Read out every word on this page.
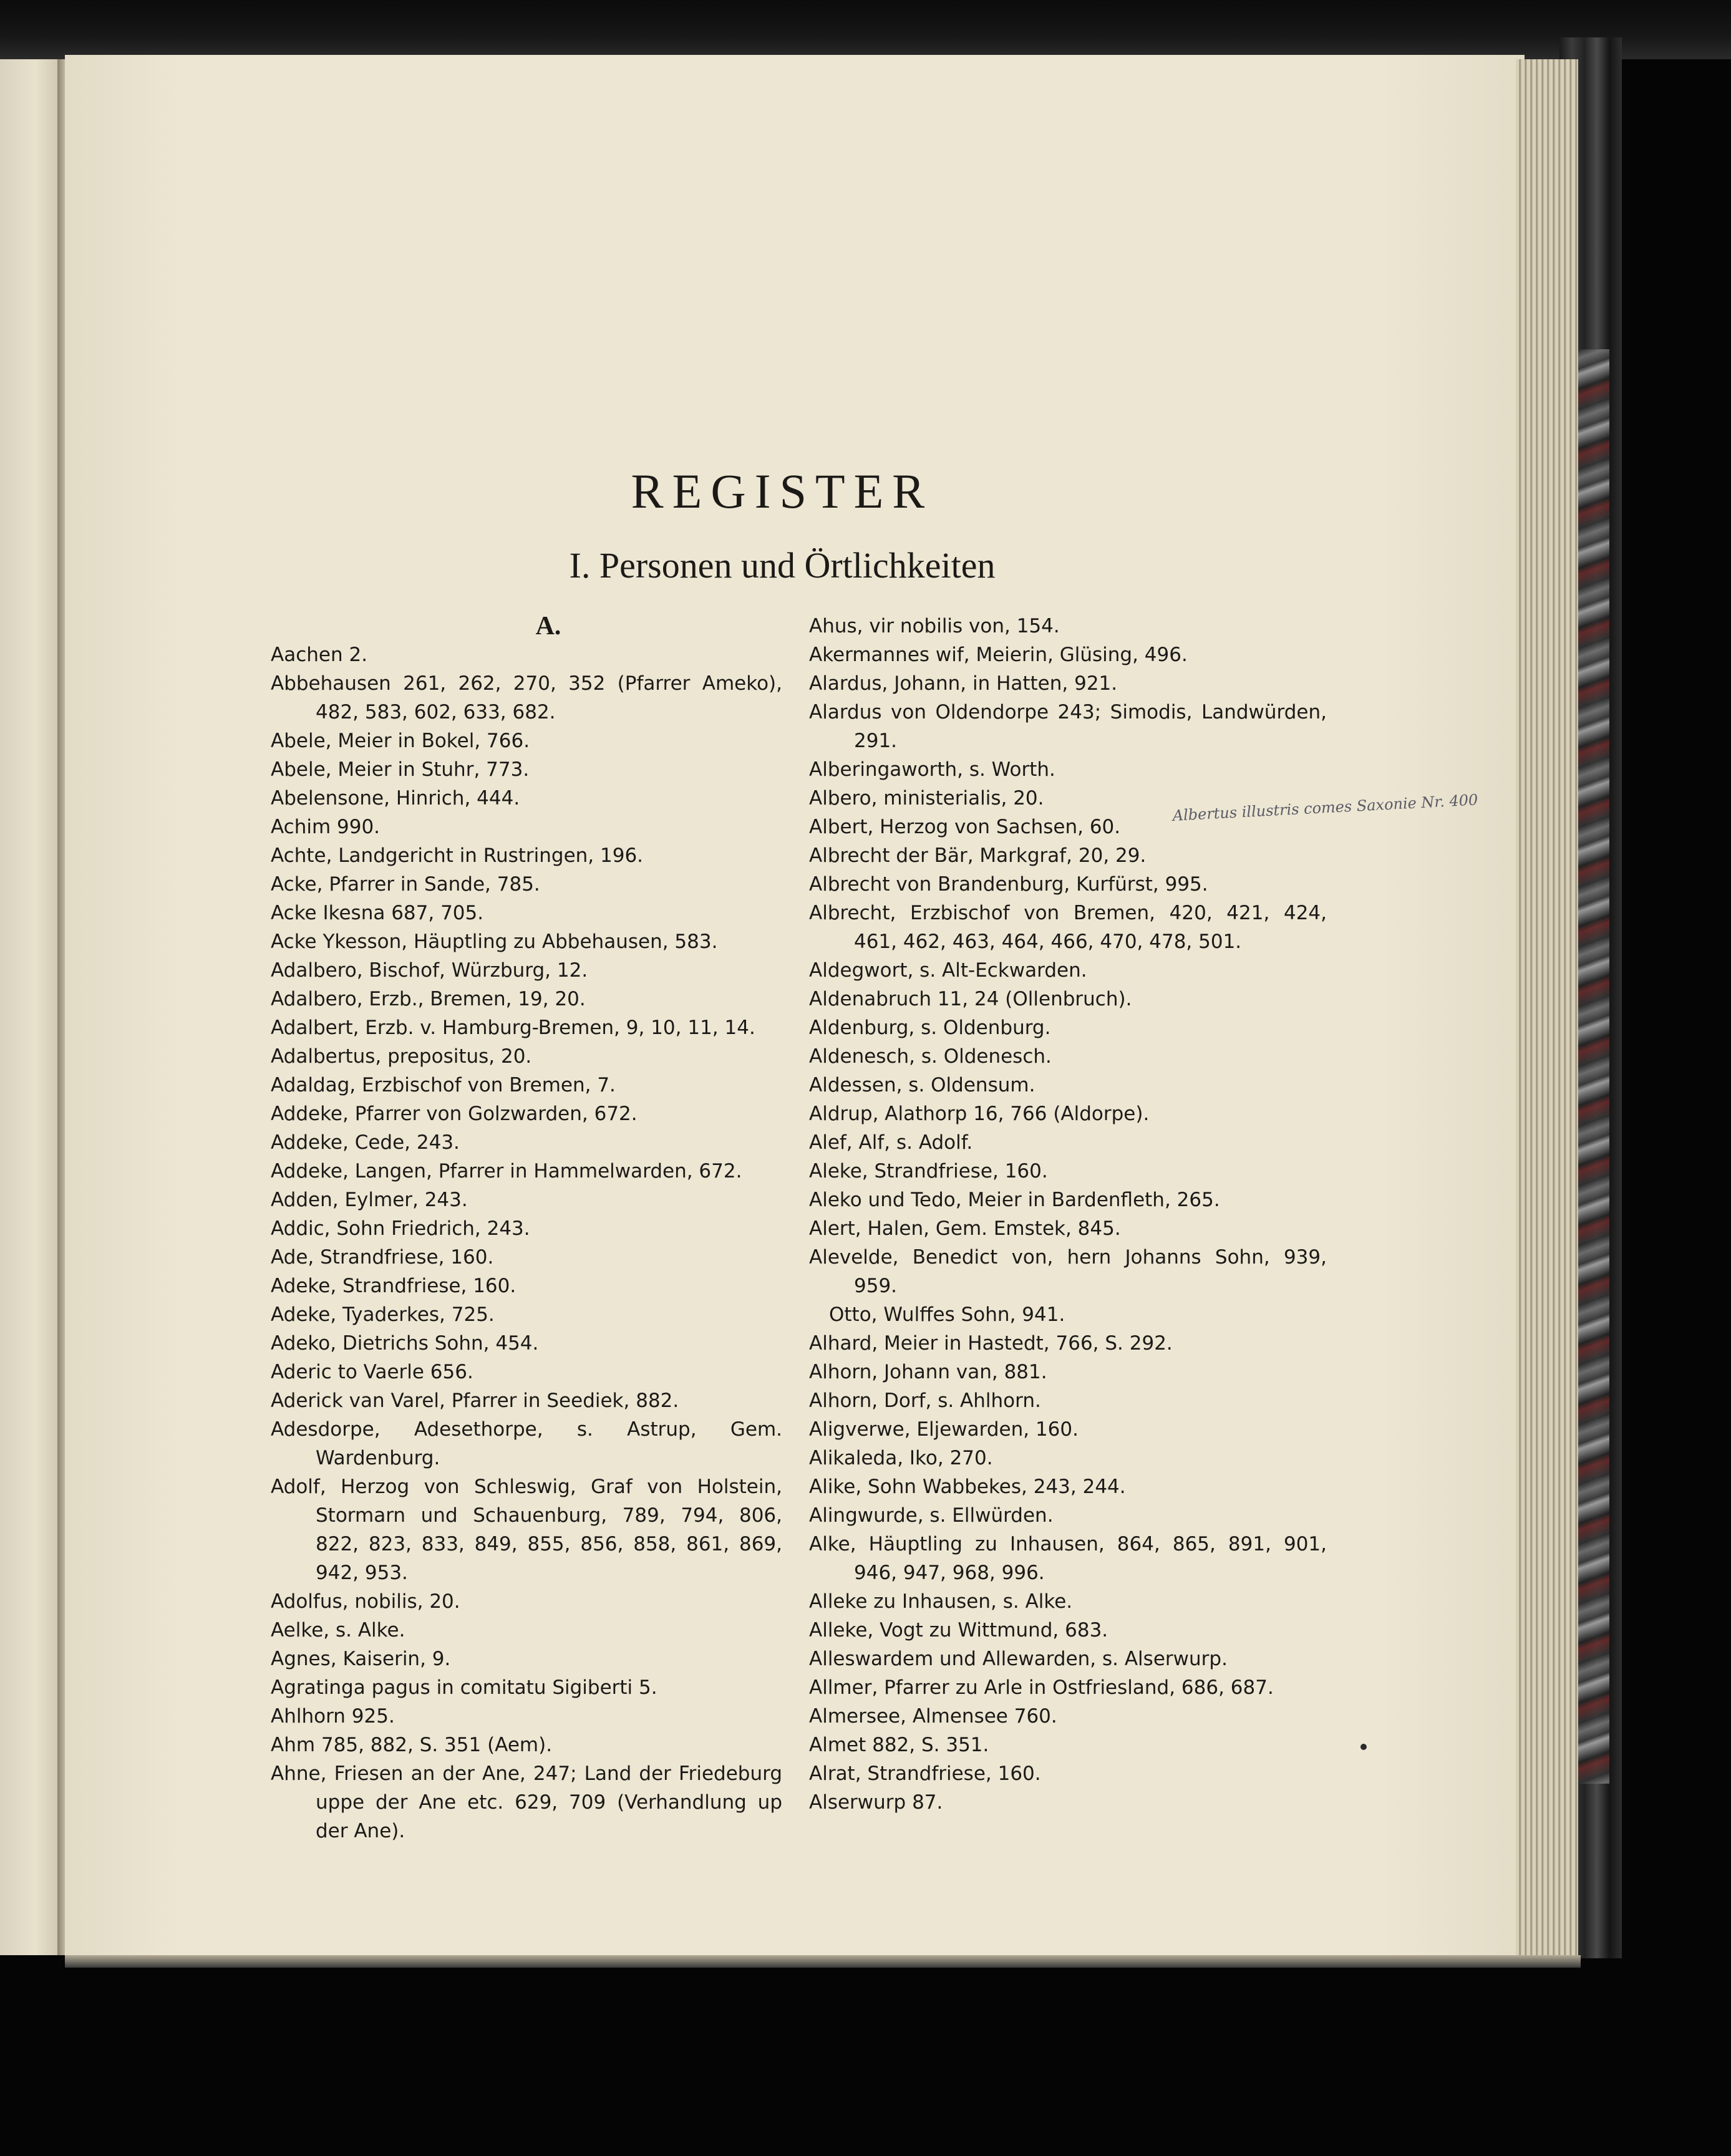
REGISTER
I. Personen und Örtlichkeiten
A.
Aachen 2.
Abbehausen 261, 262, 270, 352 (Pfarrer Ameko), 482, 583, 602, 633, 682.
Abele, Meier in Bokel, 766.
Abele, Meier in Stuhr, 773.
Abelensone, Hinrich, 444.
Achim 990.
Achte, Landgericht in Rustringen, 196.
Acke, Pfarrer in Sande, 785.
Acke Ikesna 687, 705.
Acke Ykesson, Häuptling zu Abbehausen, 583.
Adalbero, Bischof, Würzburg, 12.
Adalbero, Erzb., Bremen, 19, 20.
Adalbert, Erzb. v. Hamburg-Bremen, 9, 10, 11, 14.
Adalbertus, prepositus, 20.
Adaldag, Erzbischof von Bremen, 7.
Addeke, Pfarrer von Golzwarden, 672.
Addeke, Cede, 243.
Addeke, Langen, Pfarrer in Hammelwarden, 672.
Adden, Eylmer, 243.
Addic, Sohn Friedrich, 243.
Ade, Strandfriese, 160.
Adeke, Strandfriese, 160.
Adeke, Tyaderkes, 725.
Adeko, Dietrichs Sohn, 454.
Aderic to Vaerle 656.
Aderick van Varel, Pfarrer in Seediek, 882.
Adesdorpe, Adesethorpe, s. Astrup, Gem. Wardenburg.
Adolf, Herzog von Schleswig, Graf von Holstein, Stormarn und Schauenburg, 789, 794, 806, 822, 823, 833, 849, 855, 856, 858, 861, 869, 942, 953.
Adolfus, nobilis, 20.
Aelke, s. Alke.
Agnes, Kaiserin, 9.
Agratinga pagus in comitatu Sigiberti 5.
Ahlhorn 925.
Ahm 785, 882, S. 351 (Aem).
Ahne, Friesen an der Ane, 247; Land der Friedeburg uppe der Ane etc. 629, 709 (Verhandlung up der Ane).
Ahus, vir nobilis von, 154.
Akermannes wif, Meierin, Glüsing, 496.
Alardus, Johann, in Hatten, 921.
Alardus von Oldendorpe 243; Simodis, Landwürden, 291.
Alberingaworth, s. Worth.
Albero, ministerialis, 20.
Albert, Herzog von Sachsen, 60.
Albrecht der Bär, Markgraf, 20, 29.
Albrecht von Brandenburg, Kurfürst, 995.
Albrecht, Erzbischof von Bremen, 420, 421, 424, 461, 462, 463, 464, 466, 470, 478, 501.
Aldegwort, s. Alt-Eckwarden.
Aldenabruch 11, 24 (Ollenbruch).
Aldenburg, s. Oldenburg.
Aldenesch, s. Oldenesch.
Aldessen, s. Oldensum.
Aldrup, Alathorp 16, 766 (Aldorpe).
Alef, Alf, s. Adolf.
Aleke, Strandfriese, 160.
Aleko und Tedo, Meier in Bardenfleth, 265.
Alert, Halen, Gem. Emstek, 845.
Alevelde, Benedict von, hern Johanns Sohn, 939, 959.
Otto, Wulffes Sohn, 941.
Alhard, Meier in Hastedt, 766, S. 292.
Alhorn, Johann van, 881.
Alhorn, Dorf, s. Ahlhorn.
Aligverwe, Eljewarden, 160.
Alikaleda, Iko, 270.
Alike, Sohn Wabbekes, 243, 244.
Alingwurde, s. Ellwürden.
Alke, Häuptling zu Inhausen, 864, 865, 891, 901, 946, 947, 968, 996.
Alleke zu Inhausen, s. Alke.
Alleke, Vogt zu Wittmund, 683.
Alleswardem und Allewarden, s. Alserwurp.
Allmer, Pfarrer zu Arle in Ostfriesland, 686, 687.
Almersee, Almensee 760.
Almet 882, S. 351.
Alrat, Strandfriese, 160.
Alserwurp 87.
Albertus illustris comes Saxonie Nr. 400
